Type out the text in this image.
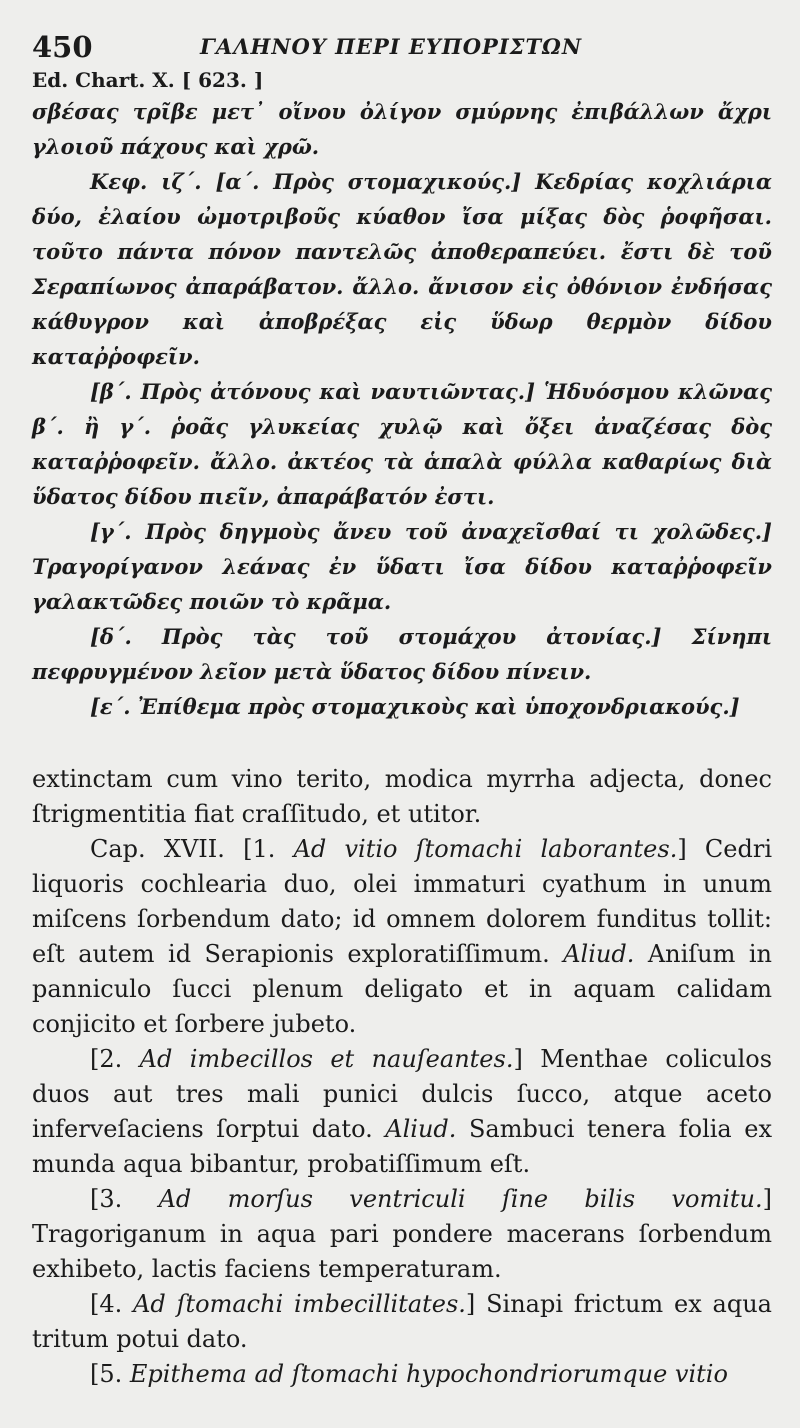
450	ΓΑΛΗΝΟΥ ΠΕΡΙ ΕΥΠΟΡΙΣΤΩΝ
Ed. Chart. X. [ 623. ]

σβέσας τρῖβε μετ᾽ οἴνου ὀλίγον σμύρνης ἐπιβάλλων ἄχρι γλοιοῦ πάχους καὶ χρῶ.

Κεφ. ιζ΄. [α΄. Πρὸς στομαχικούς.] Κεδρίας κοχλιάρια δύο, ἐλαίου ὠμοτριβοῦς κύαθον ἴσα μίξας δὸς ῥοφῆσαι. τοῦτο πάντα πόνον παντελῶς ἀποθεραπεύει. ἔστι δὲ τοῦ Σεραπίωνος ἀπαράβατον. ἄλλο. ἄνισον εἰς ὀθόνιον ἐνδήσας κάθυγρον καὶ ἀποβρέξας εἰς ὕδωρ θερμὸν δίδου καταῤῥοφεῖν.

[β΄. Πρὸς ἀτόνους καὶ ναυτιῶντας.] Ἡδυόσμου κλῶνας β΄. ἢ γ΄. ῥοᾶς γλυκείας χυλῷ καὶ ὄξει ἀναζέσας δὸς καταῤῥοφεῖν. ἄλλο. ἀκτέος τὰ ἁπαλὰ φύλλα καθαρίως διὰ ὕδατος δίδου πιεῖν, ἀπαράβατόν ἐστι.

[γ΄. Πρὸς δηγμοὺς ἄνευ τοῦ ἀναχεῖσθαί τι χολῶδες.] Τραγορίγανον λεάνας ἐν ὕδατι ἴσα δίδου καταῤῥοφεῖν γαλακτῶδες ποιῶν τὸ κρᾶμα.

[δ΄. Πρὸς τὰς τοῦ στομάχου ἀτονίας.] Σίνηπι πεφρυγμένον λεῖον μετὰ ὕδατος δίδου πίνειν.

[ε΄. Ἐπίθεμα πρὸς στομαχικοὺς καὶ ὑποχονδριακούς.]

extinctam cum vino terito, modica myrrha adjecta, donec ſtrigmentitia fiat craſſitudo, et utitor.

Cap. XVII. [1. Ad vitio ſtomachi laborantes.] Cedri liquoris cochlearia duo, olei immaturi cyathum in unum miſcens ſorbendum dato; id omnem dolorem funditus tollit: eſt autem id Serapionis exploratiſſimum. Aliud. Aniſum in panniculo ſucci plenum deligato et in aquam calidam conjicito et ſorbere jubeto.

[2. Ad imbecillos et nauſeantes.] Menthae coliculos duos aut tres mali punici dulcis ſucco, atque aceto inferveſaciens ſorptui dato. Aliud. Sambuci tenera folia ex munda aqua bibantur, probatiſſimum eſt.

[3. Ad morſus ventriculi ſine bilis vomitu.] Tragoriganum in aqua pari pondere macerans ſorbendum exhibeto, lactis faciens temperaturam.

[4. Ad ſtomachi imbecillitates.] Sinapi frictum ex aqua tritum potui dato.

[5. Epithema ad ſtomachi hypochondriorumque vitio
